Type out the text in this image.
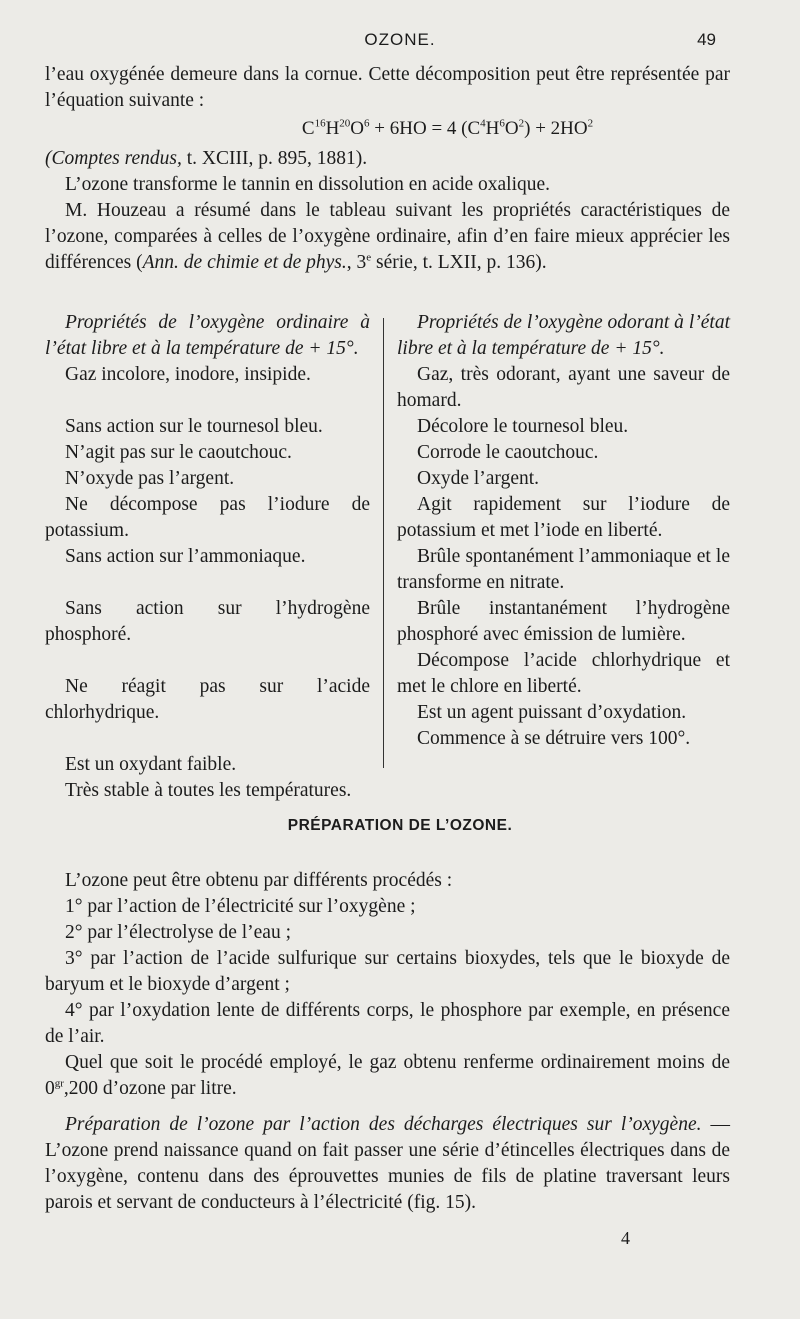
OZONE.	49

l’eau oxygénée demeure dans la cornue. Cette décomposition peut être représentée par l’équation suivante :

$C^{16}H^{20}O^6 + 6HO = 4$ $(C^4H^6O^2) + 2HO^2$

(Comptes rendus, t. XCIII, p. 895, 1881).

L’ozone transforme le tannin en dissolution en acide oxalique.

M. Houzeau a résumé dans le tableau suivant les propriétés caractéristiques de l’ozone, comparées à celles de l’oxygène ordinaire, afin d’en faire mieux apprécier les différences (Ann. de chimie et de phys., 3e série, t. LXII, p. 136).

Propriétés de l’oxygène ordinaire à l’état libre et à la température de + 15°.

Gaz incolore, inodore, insipide.

Sans action sur le tournesol bleu.

N’agit pas sur le caoutchouc.

N’oxyde pas l’argent.

Ne décompose pas l’iodure de potassium.

Sans action sur l’ammoniaque.

Sans action sur l’hydrogène phosphoré.

Ne réagit pas sur l’acide chlorhydrique.

Est un oxydant faible.

Très stable à toutes les températures.

Propriétés de l’oxygène odorant à l’état libre et à la température de + 15°.

Gaz, très odorant, ayant une saveur de homard.

Décolore le tournesol bleu.

Corrode le caoutchouc.

Oxyde l’argent.

Agit rapidement sur l’iodure de potassium et met l’iode en liberté.

Brûle spontanément l’ammoniaque et le transforme en nitrate.

Brûle instantanément l’hydrogène phosphoré avec émission de lumière.

Décompose l’acide chlorhydrique et met le chlore en liberté.

Est un agent puissant d’oxydation.

Commence à se détruire vers 100°.

PRÉPARATION DE L’OZONE.

L’ozone peut être obtenu par différents procédés :

1° par l’action de l’électricité sur l’oxygène ;

2° par l’électrolyse de l’eau ;

3° par l’action de l’acide sulfurique sur certains bioxydes, tels que le bioxyde de baryum et le bioxyde d’argent ;

4° par l’oxydation lente de différents corps, le phosphore par exemple, en présence de l’air.

Quel que soit le procédé employé, le gaz obtenu renferme ordinairement moins de $0^{gr},200$ d’ozone par litre.

Préparation de l’ozone par l’action des décharges électriques sur l’oxygène. — L’ozone prend naissance quand on fait passer une série d’étincelles électriques dans de l’oxygène, contenu dans des éprouvettes munies de fils de platine traversant leurs parois et servant de conducteurs à l’électricité (fig. 15).

4
